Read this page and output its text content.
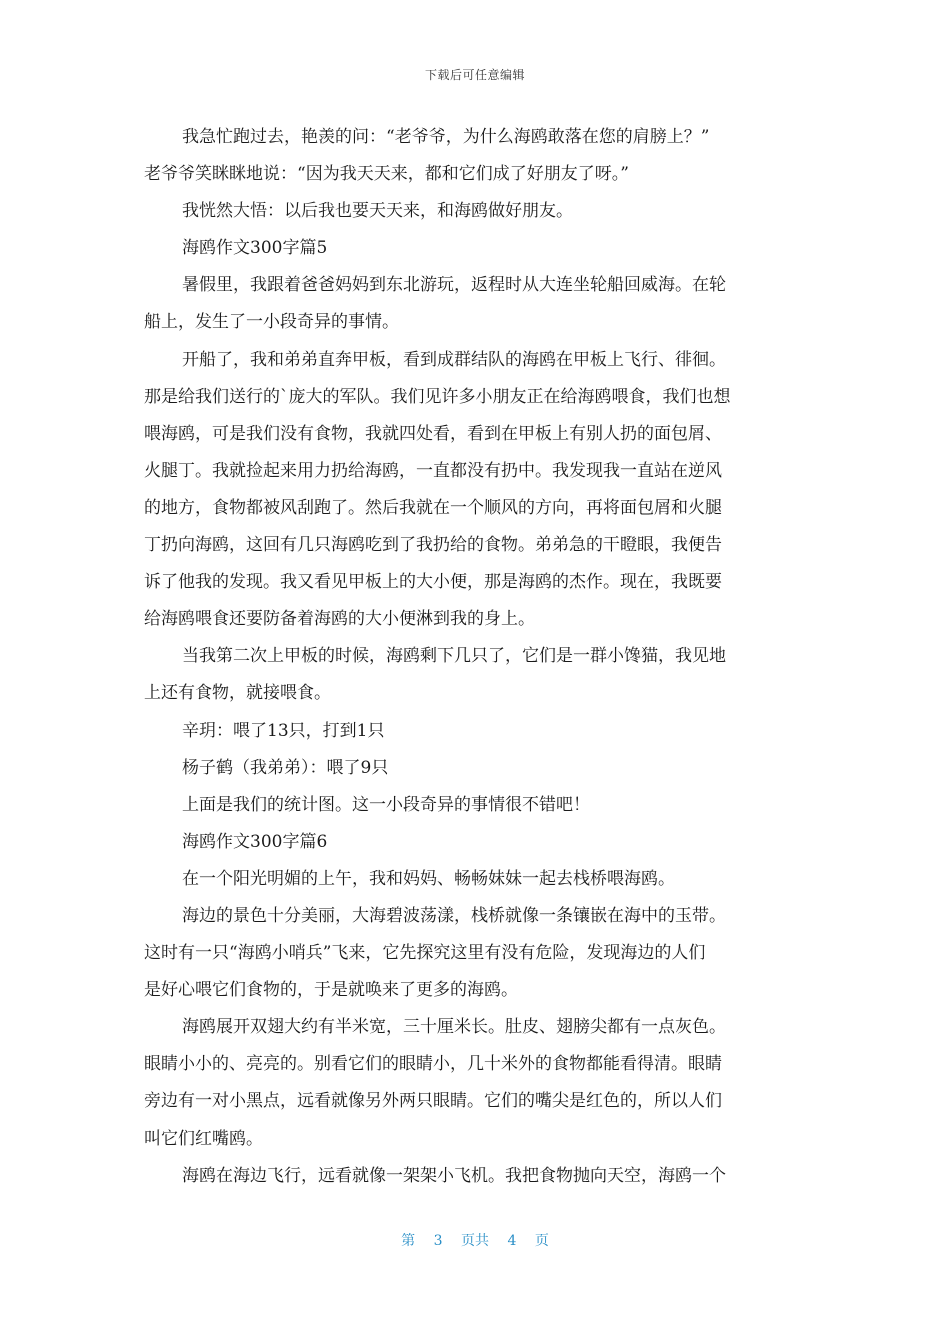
下载后可任意编辑

我急忙跑过去，艳羡的问：“老爷爷，为什么海鸥敢落在您的肩膀上？”

老爷爷笑眯眯地说：“因为我天天来，都和它们成了好朋友了呀。”

我恍然大悟：以后我也要天天来，和海鸥做好朋友。

海鸥作文300字篇5

暑假里，我跟着爸爸妈妈到东北游玩，返程时从大连坐轮船回威海。在轮

船上，发生了一小段奇异的事情。

开船了，我和弟弟直奔甲板，看到成群结队的海鸥在甲板上飞行、徘徊。

那是给我们送行的`庞大的军队。我们见许多小朋友正在给海鸥喂食，我们也想

喂海鸥，可是我们没有食物，我就四处看，看到在甲板上有别人扔的面包屑、

火腿丁。我就捡起来用力扔给海鸥，一直都没有扔中。我发现我一直站在逆风

的地方，食物都被风刮跑了。然后我就在一个顺风的方向，再将面包屑和火腿

丁扔向海鸥，这回有几只海鸥吃到了我扔给的食物。弟弟急的干瞪眼，我便告

诉了他我的发现。我又看见甲板上的大小便，那是海鸥的杰作。现在，我既要

给海鸥喂食还要防备着海鸥的大小便淋到我的身上。

当我第二次上甲板的时候，海鸥剩下几只了，它们是一群小馋猫，我见地

上还有食物，就接喂食。

辛玥：喂了13只，打到1只

杨子鹤（我弟弟）：喂了9只

上面是我们的统计图。这一小段奇异的事情很不错吧！

海鸥作文300字篇6

在一个阳光明媚的上午，我和妈妈、畅畅妹妹一起去栈桥喂海鸥。

海边的景色十分美丽，大海碧波荡漾，栈桥就像一条镶嵌在海中的玉带。

这时有一只“海鸥小哨兵”飞来，它先探究这里有没有危险，发现海边的人们

是好心喂它们食物的，于是就唤来了更多的海鸥。

海鸥展开双翅大约有半米宽，三十厘米长。肚皮、翅膀尖都有一点灰色。

眼睛小小的、亮亮的。别看它们的眼睛小，几十米外的食物都能看得清。眼睛

旁边有一对小黑点，远看就像另外两只眼睛。它们的嘴尖是红色的，所以人们

叫它们红嘴鸥。

海鸥在海边飞行，远看就像一架架小飞机。我把食物抛向天空，海鸥一个

第 3 页共 4 页
